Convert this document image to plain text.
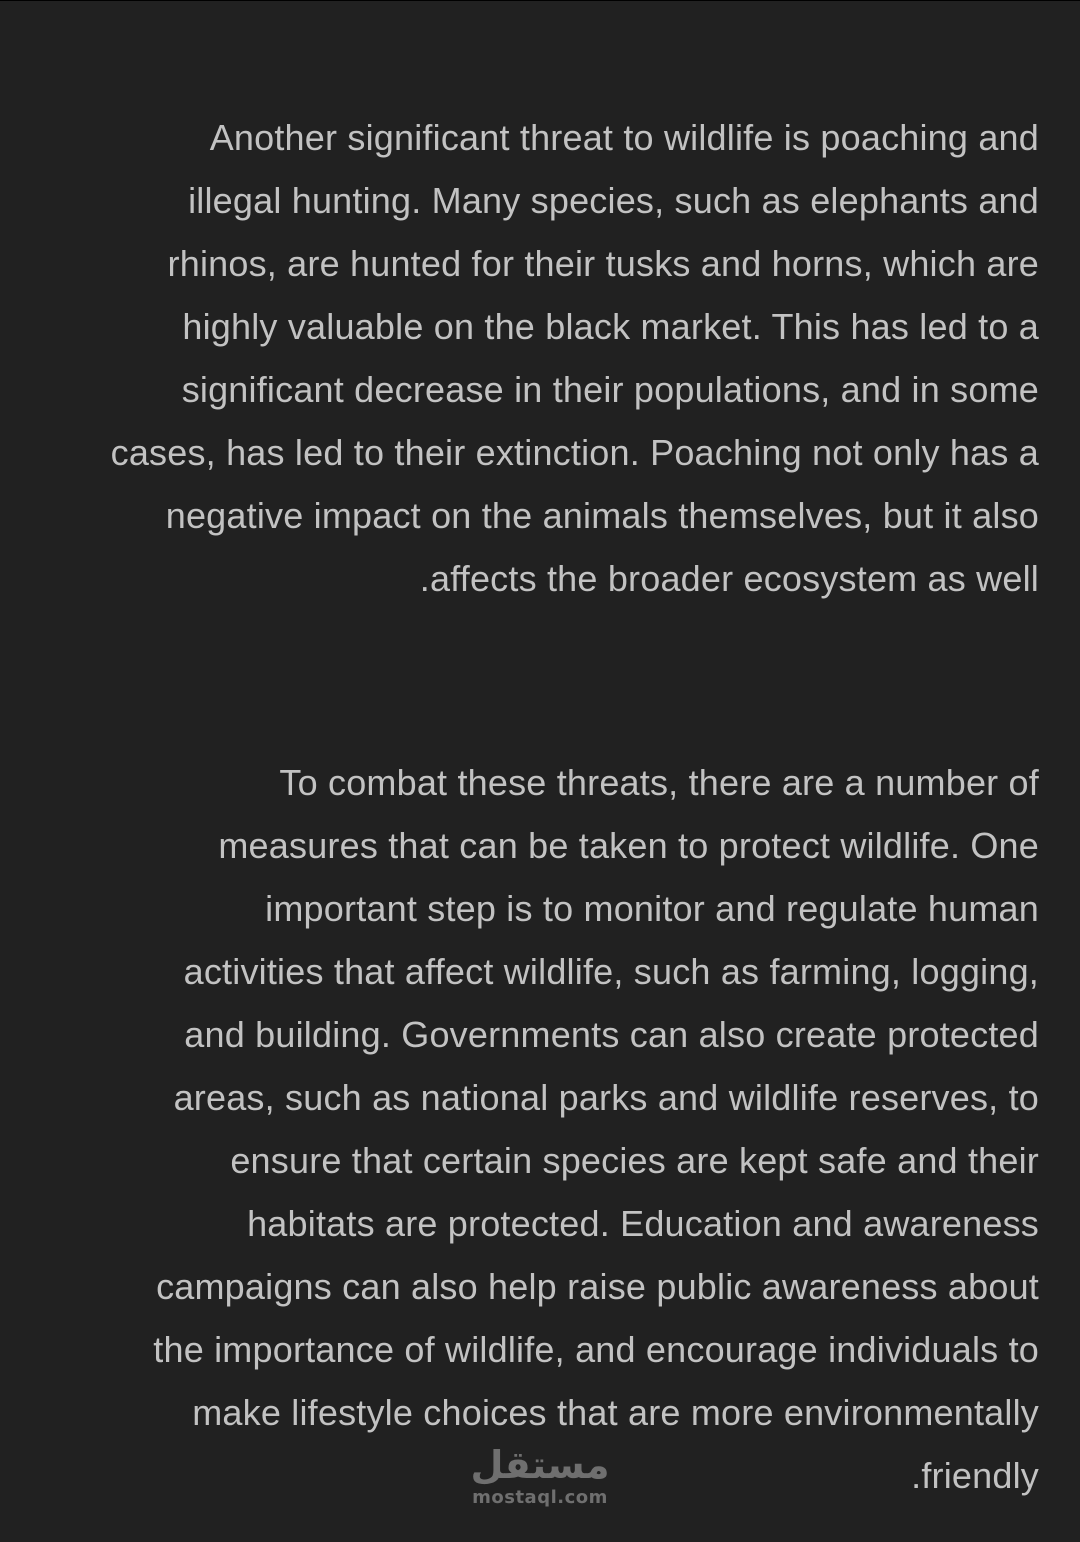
Another significant threat to wildlife is poaching and
illegal hunting. Many species, such as elephants and
rhinos, are hunted for their tusks and horns, which are
highly valuable on the black market. This has led to a
significant decrease in their populations, and in some
cases, has led to their extinction. Poaching not only has a
negative impact on the animals themselves, but it also
.affects the broader ecosystem as well

To combat these threats, there are a number of
measures that can be taken to protect wildlife. One
important step is to monitor and regulate human
activities that affect wildlife, such as farming, logging,
and building. Governments can also create protected
areas, such as national parks and wildlife reserves, to
ensure that certain species are kept safe and their
habitats are protected. Education and awareness
campaigns can also help raise public awareness about
the importance of wildlife, and encourage individuals to
make lifestyle choices that are more environmentally
.friendly

مستقل
mostaql.com
